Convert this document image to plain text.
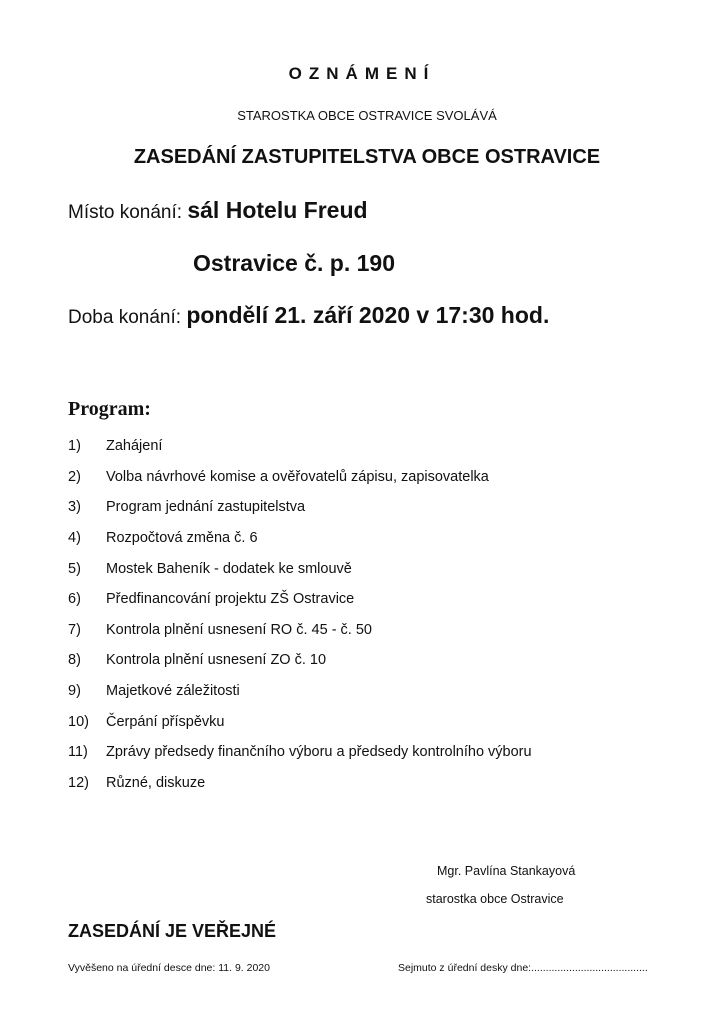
OZNÁMENÍ
STAROSTKA OBCE OSTRAVICE SVOLÁVÁ
ZASEDÁNÍ ZASTUPITELSTVA OBCE OSTRAVICE
Místo konání: sál Hotelu Freud
Ostravice č. p. 190
Doba konání: pondělí 21. září 2020 v 17:30 hod.
Program:
1)	Zahájení
2)	Volba návrhové komise a ověřovatelů zápisu, zapisovatelka
3)	Program jednání zastupitelstva
4)	Rozpočtová změna č. 6
5)	Mostek Baheník - dodatek ke smlouvě
6)	Předfinancování projektu ZŠ Ostravice
7)	Kontrola plnění usnesení RO č. 45 - č. 50
8)	Kontrola plnění usnesení ZO č. 10
9)	Majetkové záležitosti
10)	Čerpání příspěvku
11)	Zprávy předsedy finančního výboru a předsedy kontrolního výboru
12)	Různé, diskuze
Mgr. Pavlína Stankayová
starostka obce Ostravice
ZASEDÁNÍ JE VEŘEJNÉ
Vyvěšeno na úřední desce dne: 11. 9. 2020	Sejmuto z úřední desky dne:........................................
